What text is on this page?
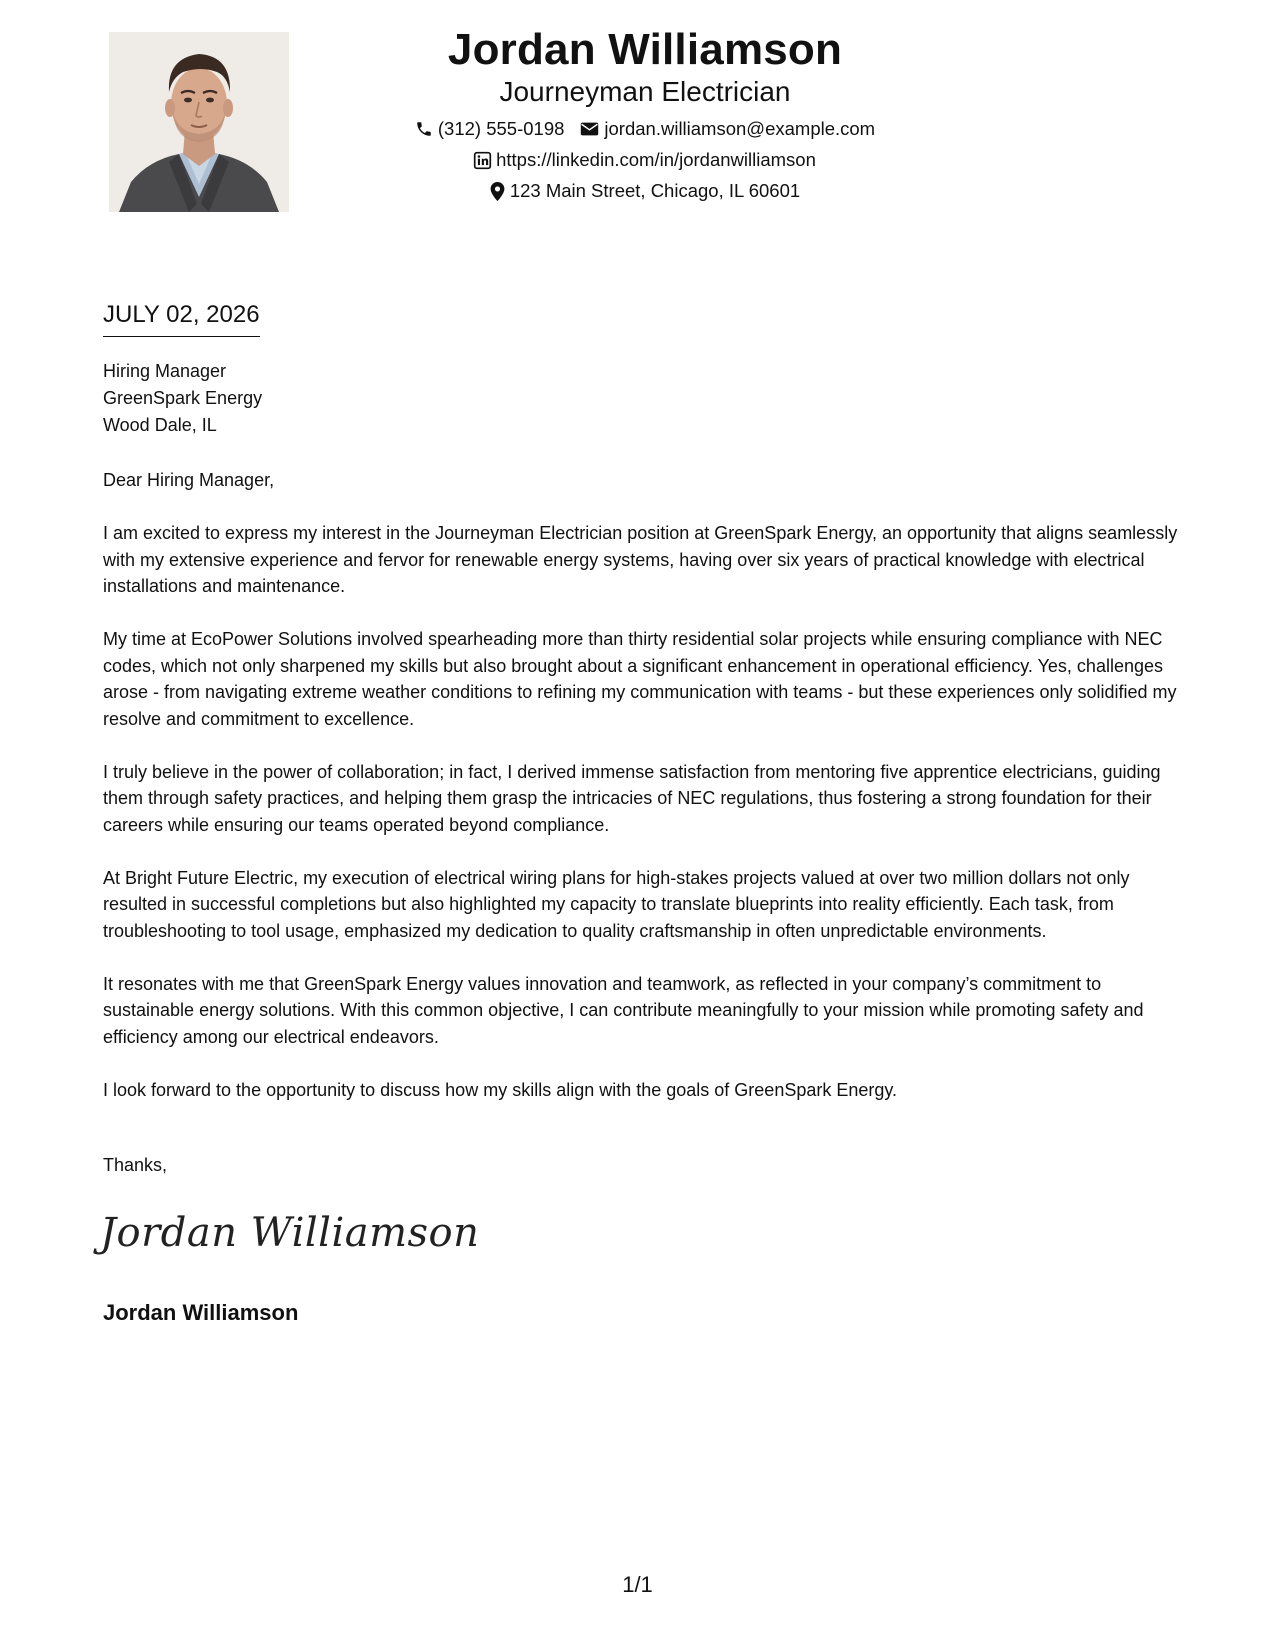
Jordan Williamson
Journeyman Electrician
(312) 555-0198 jordan.williamson@example.com
https://linkedin.com/in/jordanwilliamson
123 Main Street, Chicago, IL 60601
JULY 02, 2026
Hiring Manager
GreenSpark Energy
Wood Dale, IL
Dear Hiring Manager,

I am excited to express my interest in the Journeyman Electrician position at GreenSpark Energy, an opportunity that aligns seamlessly with my extensive experience and fervor for renewable energy systems, having over six years of practical knowledge with electrical installations and maintenance.

My time at EcoPower Solutions involved spearheading more than thirty residential solar projects while ensuring compliance with NEC codes, which not only sharpened my skills but also brought about a significant enhancement in operational efficiency. Yes, challenges arose - from navigating extreme weather conditions to refining my communication with teams - but these experiences only solidified my resolve and commitment to excellence.

I truly believe in the power of collaboration; in fact, I derived immense satisfaction from mentoring five apprentice electricians, guiding them through safety practices, and helping them grasp the intricacies of NEC regulations, thus fostering a strong foundation for their careers while ensuring our teams operated beyond compliance.

At Bright Future Electric, my execution of electrical wiring plans for high-stakes projects valued at over two million dollars not only resulted in successful completions but also highlighted my capacity to translate blueprints into reality efficiently. Each task, from troubleshooting to tool usage, emphasized my dedication to quality craftsmanship in often unpredictable environments.

It resonates with me that GreenSpark Energy values innovation and teamwork, as reflected in your company’s commitment to sustainable energy solutions. With this common objective, I can contribute meaningfully to your mission while promoting safety and efficiency among our electrical endeavors.

I look forward to the opportunity to discuss how my skills align with the goals of GreenSpark Energy.

Thanks,
Jordan Williamson
Jordan Williamson
1/1
